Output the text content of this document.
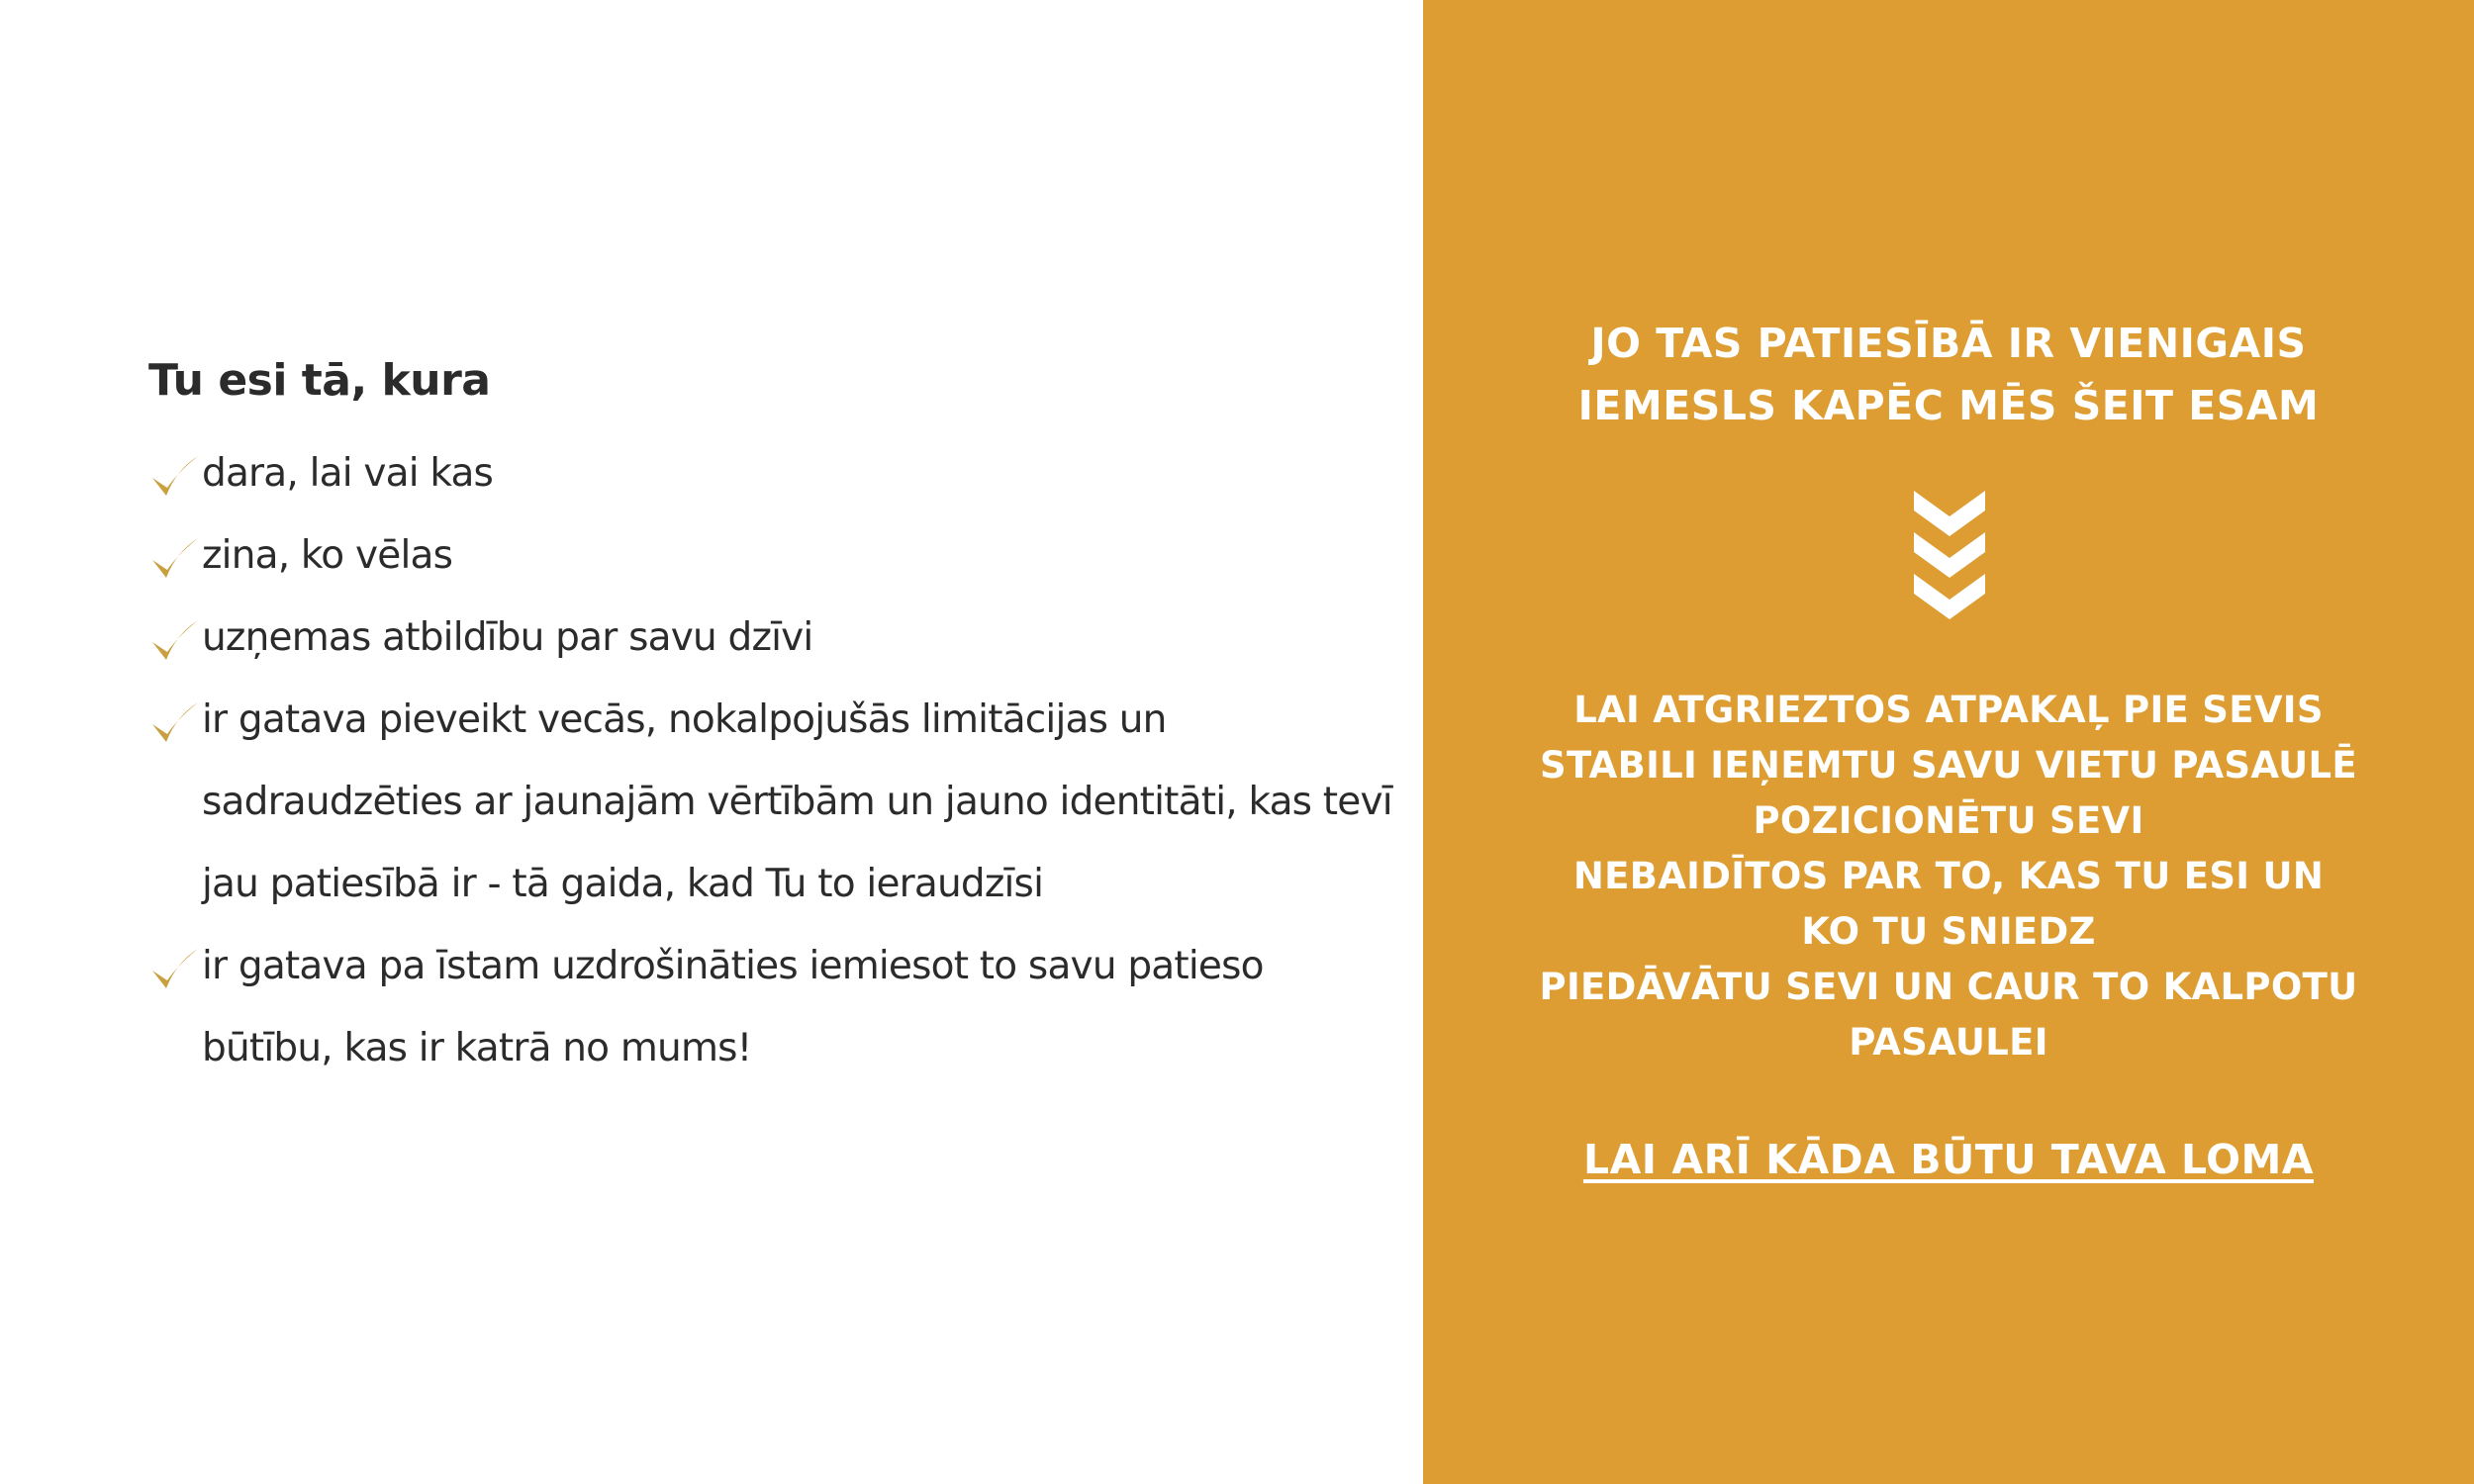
Tu esi tā, kura
dara, lai vai kas
zina, ko vēlas
uzņemas atbildību par savu dzīvi
ir gatava pieveikt vecās, nokalpojušās limitācijas un sadraudzēties ar jaunajām vērtībām un jauno identitāti, kas tevī jau patiesībā ir - tā gaida, kad Tu to ieraudzīsi
ir gatava pa īstam uzdrošināties iemiesot to savu patieso būtību, kas ir katrā no mums!
JO TAS PATIESĪBĀ IR VIENIGAIS
IEMESLS KAPĒC MĒS ŠEIT ESAM
LAI ATGRIEZTOS ATPAKAĻ PIE SEVIS
STABILI IEŅEMTU SAVU VIETU PASAULĒ
POZICIONĒTU SEVI
NEBAIDĪTOS PAR TO, KAS TU ESI UN KO TU SNIEDZ
PIEDĀVĀTU SEVI UN CAUR TO KALPOTU PASAULEI
LAI ARĪ KĀDA BŪTU TAVA LOMA
